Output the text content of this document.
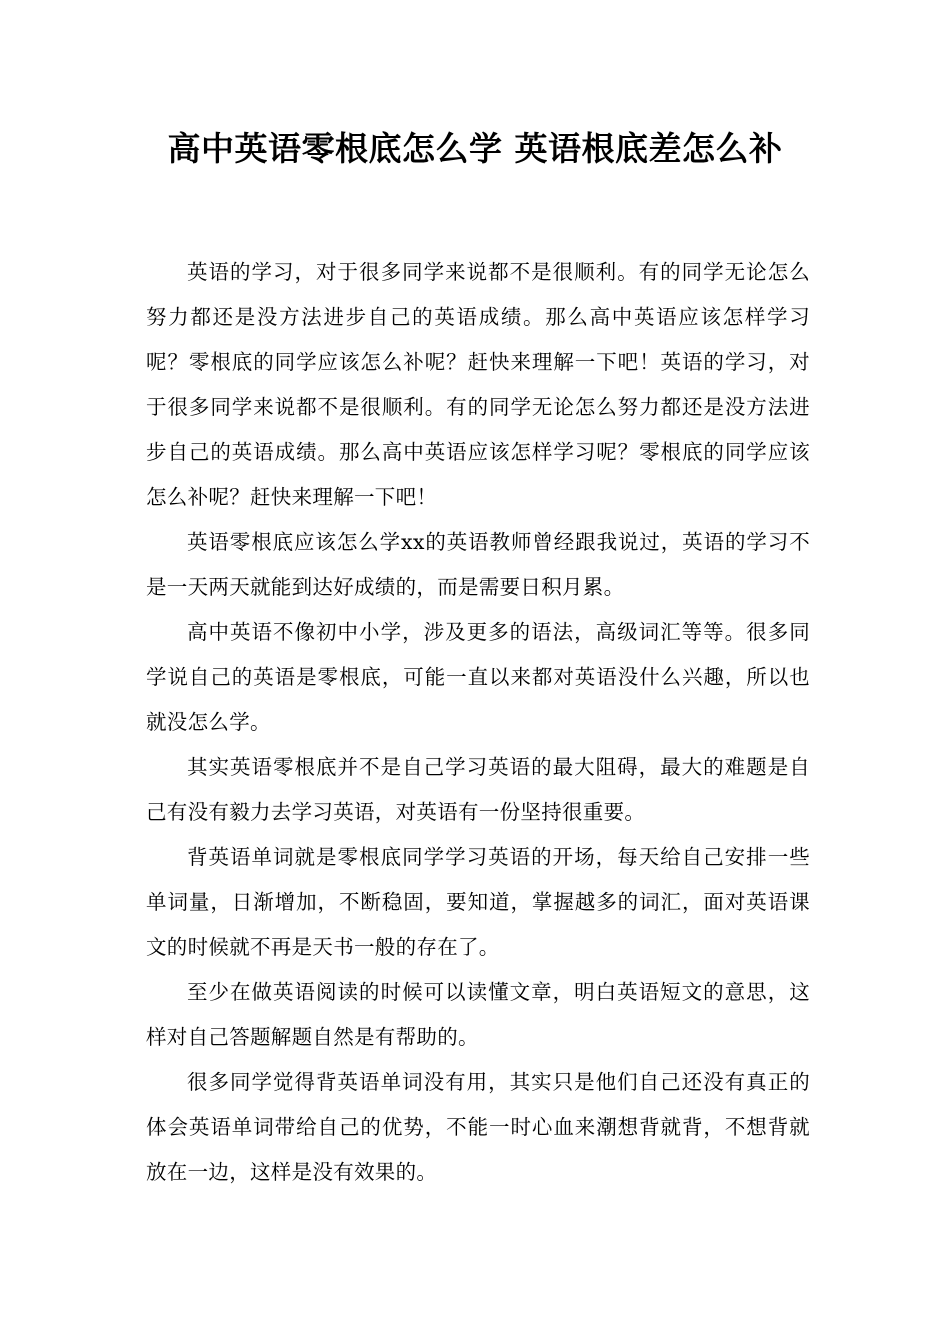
高中英语零根底怎么学 英语根底差怎么补

英语的学习，对于很多同学来说都不是很顺利。有的同学无论怎么努力都还是没方法进步自己的英语成绩。那么高中英语应该怎样学习呢？零根底的同学应该怎么补呢？赶快来理解一下吧！英语的学习，对于很多同学来说都不是很顺利。有的同学无论怎么努力都还是没方法进步自己的英语成绩。那么高中英语应该怎样学习呢？零根底的同学应该怎么补呢？赶快来理解一下吧！

英语零根底应该怎么学xx的英语教师曾经跟我说过，英语的学习不是一天两天就能到达好成绩的，而是需要日积月累。

高中英语不像初中小学，涉及更多的语法，高级词汇等等。很多同学说自己的英语是零根底，可能一直以来都对英语没什么兴趣，所以也就没怎么学。

其实英语零根底并不是自己学习英语的最大阻碍，最大的难题是自己有没有毅力去学习英语，对英语有一份坚持很重要。

背英语单词就是零根底同学学习英语的开场，每天给自己安排一些单词量，日渐增加，不断稳固，要知道，掌握越多的词汇，面对英语课文的时候就不再是天书一般的存在了。

至少在做英语阅读的时候可以读懂文章，明白英语短文的意思，这样对自己答题解题自然是有帮助的。

很多同学觉得背英语单词没有用，其实只是他们自己还没有真正的体会英语单词带给自己的优势，不能一时心血来潮想背就背，不想背就放在一边，这样是没有效果的。
